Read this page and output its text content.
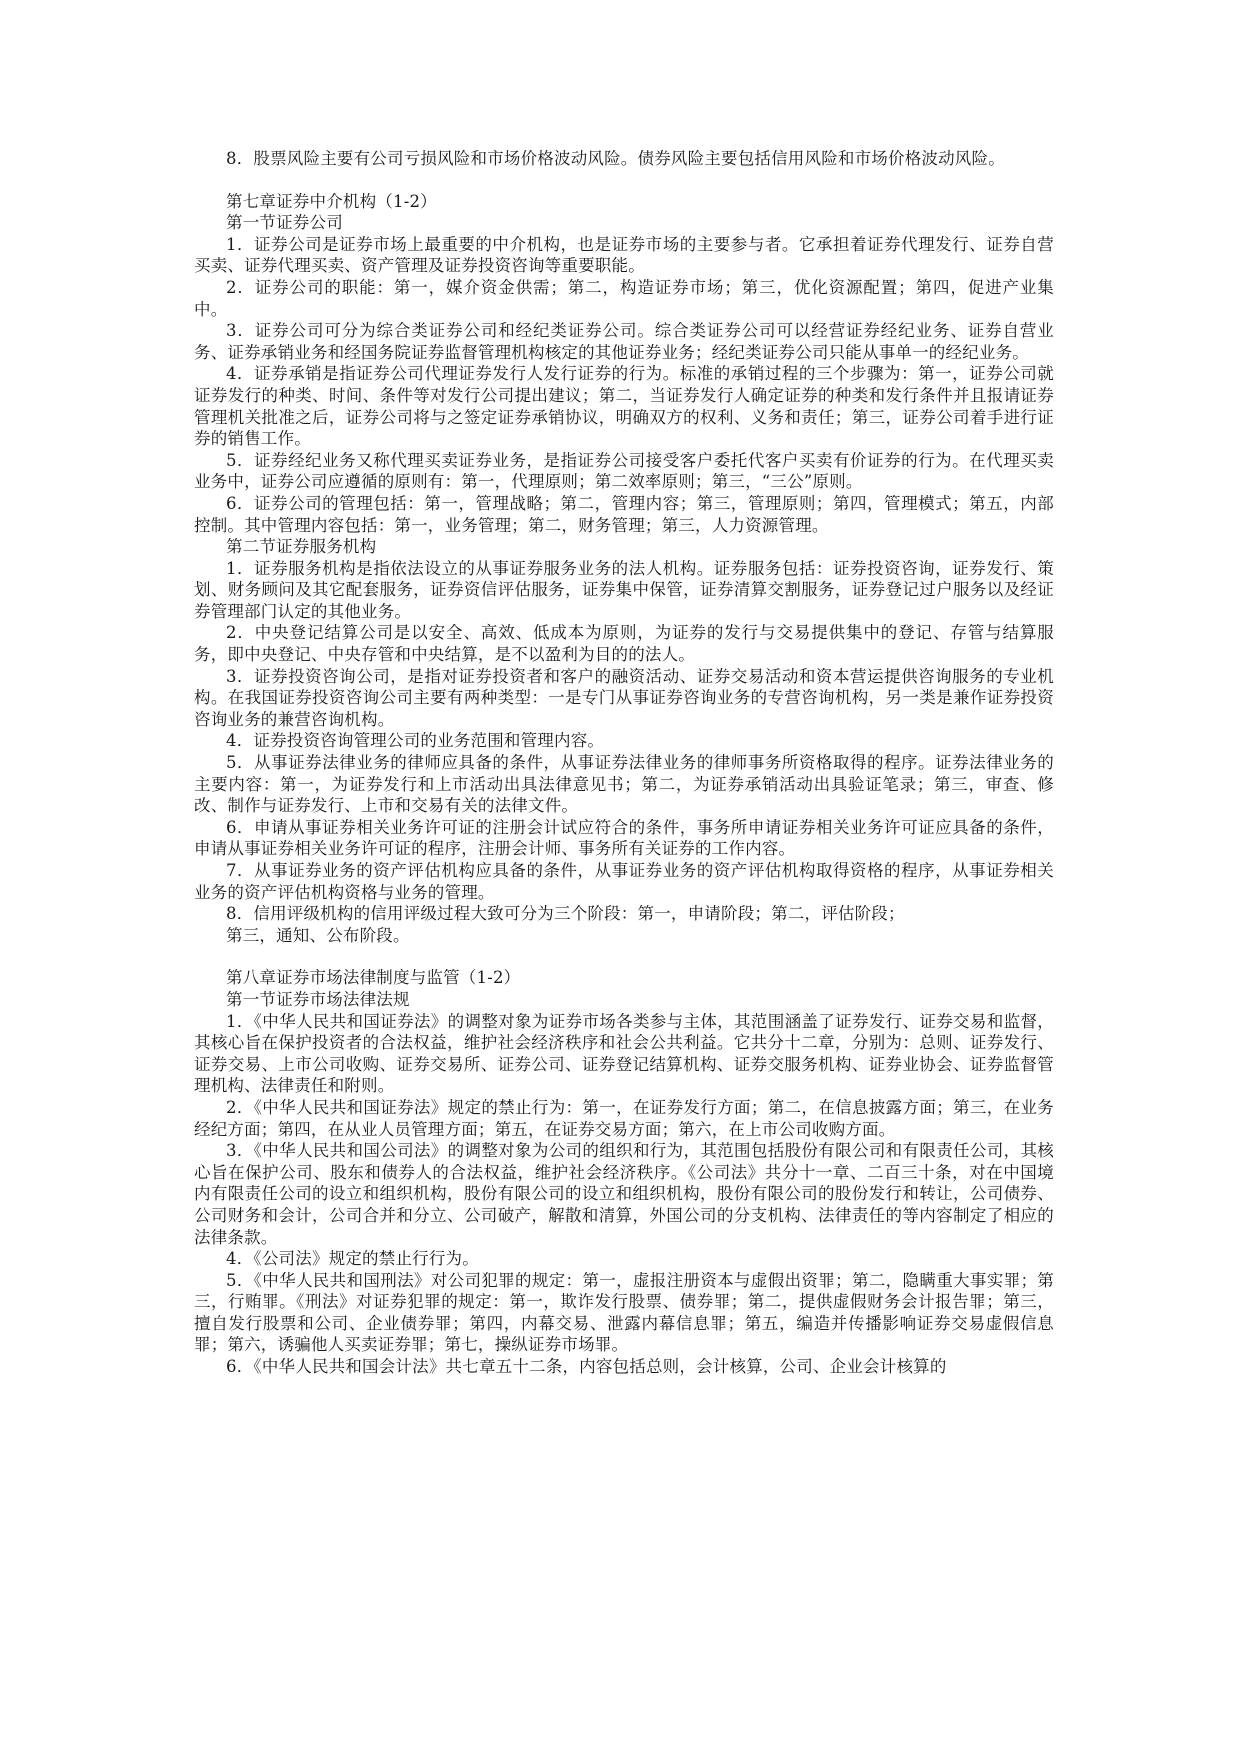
8．股票风险主要有公司亏损风险和市场价格波动风险。债券风险主要包括信用风险和市场价格波动风险。

第七章证券中介机构（1-2）

第一节证券公司

1．证券公司是证券市场上最重要的中介机构，也是证券市场的主要参与者。它承担着证券代理发行、证券自营买卖、证券代理买卖、资产管理及证券投资咨询等重要职能。

2．证券公司的职能：第一，媒介资金供需；第二，构造证券市场；第三，优化资源配置；第四，促进产业集中。

3．证券公司可分为综合类证券公司和经纪类证券公司。综合类证券公司可以经营证券经纪业务、证券自营业务、证券承销业务和经国务院证券监督管理机构核定的其他证券业务；经纪类证券公司只能从事单一的经纪业务。

4．证券承销是指证券公司代理证券发行人发行证券的行为。标准的承销过程的三个步骤为：第一，证券公司就证券发行的种类、时间、条件等对发行公司提出建议；第二，当证券发行人确定证券的种类和发行条件并且报请证券管理机关批准之后，证券公司将与之签定证券承销协议，明确双方的权利、义务和责任；第三，证券公司着手进行证券的销售工作。

5．证券经纪业务又称代理买卖证券业务，是指证券公司接受客户委托代客户买卖有价证券的行为。在代理买卖业务中，证券公司应遵循的原则有：第一，代理原则；第二效率原则；第三，“三公”原则。

6．证券公司的管理包括：第一，管理战略；第二，管理内容；第三，管理原则；第四，管理模式；第五，内部控制。其中管理内容包括：第一，业务管理；第二，财务管理；第三，人力资源管理。

第二节证券服务机构

1．证券服务机构是指依法设立的从事证券服务业务的法人机构。证券服务包括：证券投资咨询，证券发行、策划、财务顾问及其它配套服务，证券资信评估服务，证券集中保管，证券清算交割服务，证券登记过户服务以及经证券管理部门认定的其他业务。

2．中央登记结算公司是以安全、高效、低成本为原则，为证券的发行与交易提供集中的登记、存管与结算服务，即中央登记、中央存管和中央结算，是不以盈利为目的的法人。

3．证券投资咨询公司，是指对证券投资者和客户的融资活动、证券交易活动和资本营运提供咨询服务的专业机构。在我国证券投资咨询公司主要有两种类型：一是专门从事证券咨询业务的专营咨询机构，另一类是兼作证券投资咨询业务的兼营咨询机构。

4．证券投资咨询管理公司的业务范围和管理内容。

5．从事证券法律业务的律师应具备的条件，从事证券法律业务的律师事务所资格取得的程序。证券法律业务的主要内容：第一，为证券发行和上市活动出具法律意见书；第二，为证券承销活动出具验证笔录；第三，审查、修改、制作与证券发行、上市和交易有关的法律文件。

6．申请从事证券相关业务许可证的注册会计试应符合的条件，事务所申请证券相关业务许可证应具备的条件，申请从事证券相关业务许可证的程序，注册会计师、事务所有关证券的工作内容。

7．从事证券业务的资产评估机构应具备的条件，从事证券业务的资产评估机构取得资格的程序，从事证券相关业务的资产评估机构资格与业务的管理。

8．信用评级机构的信用评级过程大致可分为三个阶段：第一，申请阶段；第二，评估阶段；

第三，通知、公布阶段。

第八章证券市场法律制度与监管（1-2）

第一节证券市场法律法规

1．《中华人民共和国证券法》的调整对象为证券市场各类参与主体，其范围涵盖了证券发行、证券交易和监督，其核心旨在保护投资者的合法权益，维护社会经济秩序和社会公共利益。它共分十二章，分别为：总则、证券发行、证券交易、上市公司收购、证券交易所、证券公司、证券登记结算机构、证券交服务机构、证券业协会、证券监督管理机构、法律责任和附则。

2．《中华人民共和国证券法》规定的禁止行为：第一，在证券发行方面；第二，在信息披露方面；第三，在业务经纪方面；第四，在从业人员管理方面；第五，在证券交易方面；第六，在上市公司收购方面。

3．《中华人民共和国公司法》的调整对象为公司的组织和行为，其范围包括股份有限公司和有限责任公司，其核心旨在保护公司、股东和债券人的合法权益，维护社会经济秩序。《公司法》共分十一章、二百三十条，对在中国境内有限责任公司的设立和组织机构，股份有限公司的设立和组织机构，股份有限公司的股份发行和转让，公司债券、公司财务和会计，公司合并和分立、公司破产，解散和清算，外国公司的分支机构、法律责任的等内容制定了相应的法律条款。

4．《公司法》规定的禁止行行为。

5．《中华人民共和国刑法》对公司犯罪的规定：第一，虚报注册资本与虚假出资罪；第二，隐瞒重大事实罪；第三，行贿罪。《刑法》对证券犯罪的规定：第一，欺诈发行股票、债券罪；第二，提供虚假财务会计报告罪；第三，擅自发行股票和公司、企业债券罪；第四，内幕交易、泄露内幕信息罪；第五，编造并传播影响证券交易虚假信息罪；第六，诱骗他人买卖证券罪；第七，操纵证券市场罪。

6．《中华人民共和国会计法》共七章五十二条，内容包括总则，会计核算，公司、企业会计核算的
